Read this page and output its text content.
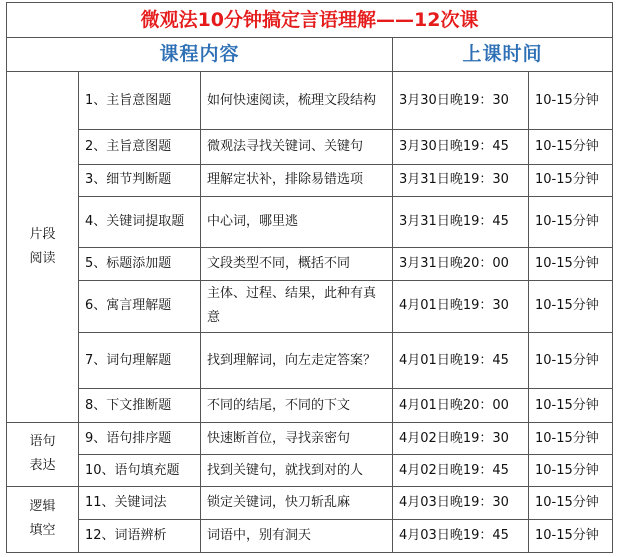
微观法10分钟搞定言语理解——12次课				
课程内容			上课时间	

片段
阅读	1、主旨意图题	如何快速阅读，梳理文段结构	3月30日晚19：30	10-15分钟
	2、主旨意图题	微观法寻找关键词、关键句	3月30日晚19：45	10-15分钟
	3、细节判断题	理解定状补，排除易错选项	3月31日晚19：30	10-15分钟
	4、关键词提取题	中心词，哪里逃	3月31日晚19：45	10-15分钟
	5、标题添加题	文段类型不同，概括不同	3月31日晚20：00	10-15分钟
	6、寓言理解题	主体、过程、结果，此种有真意	4月01日晚19：30	10-15分钟
	7、词句理解题	找到理解词，向左走定答案？	4月01日晚19：45	10-15分钟
	8、下文推断题	不同的结尾，不同的下文	4月01日晚20：00	10-15分钟

语句
表达	9、语句排序题	快速断首位，寻找亲密句	4月02日晚19：30	10-15分钟
	10、语句填充题	找到关键句，就找到对的人	4月02日晚19：45	10-15分钟

逻辑
填空	11、关键词法	锁定关键词，快刀斩乱麻	4月03日晚19：30	10-15分钟
	12、词语辨析	词语中，别有洞天	4月03日晚19：45	10-15分钟
